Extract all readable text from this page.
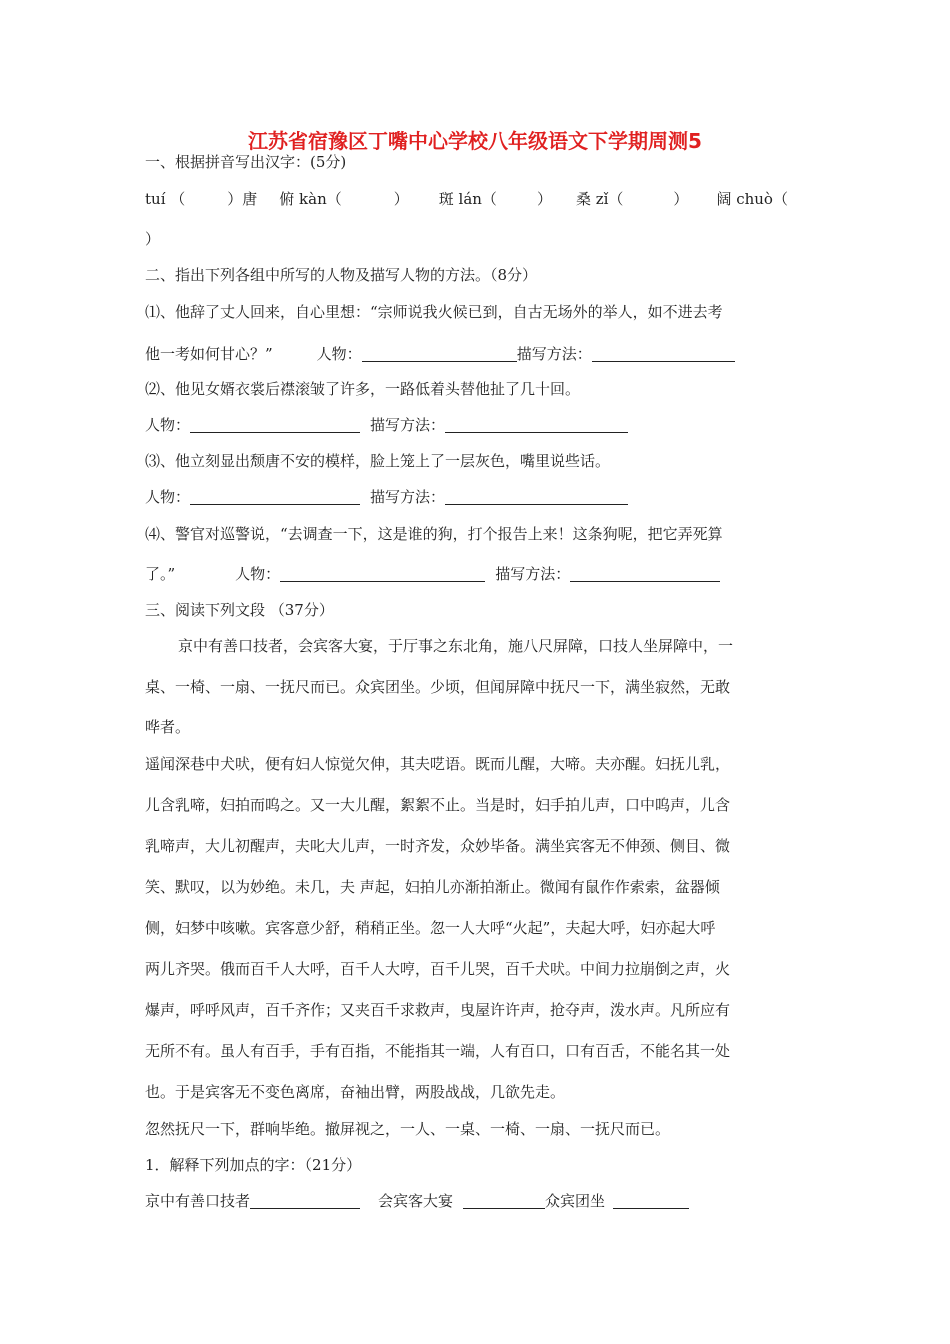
江苏省宿豫区丁嘴中心学校八年级语文下学期周测5
一、根据拼音写出汉字：(5分)
tuí （	）唐 俯 kàn（	） 斑 lán（	） 桑 zǐ（	） 阔 chuò（
）
二、指出下列各组中所写的人物及描写人物的方法。（8分）
⑴、他辞了丈人回来，自心里想：“宗师说我火候已到，自古无场外的举人，如不进去考
他一考如何甘心？”	人物：	描写方法：
⑵、他见女婿衣裳后襟滚皱了许多，一路低着头替他扯了几十回。
人物：	描写方法：
⑶、他立刻显出颓唐不安的模样，脸上笼上了一层灰色，嘴里说些话。
人物：	描写方法：
⑷、警官对巡警说，“去调查一下，这是谁的狗，打个报告上来！这条狗呢，把它弄死算
了。”	人物：	描写方法：
三、阅读下列文段 （37分）
京中有善口技者，会宾客大宴，于厅事之东北角，施八尺屏障，口技人坐屏障中，一
桌、一椅、一扇、一抚尺而已。众宾团坐。少顷，但闻屏障中抚尺一下，满坐寂然，无敢
哗者。
遥闻深巷中犬吠，便有妇人惊觉欠伸，其夫呓语。既而儿醒，大啼。夫亦醒。妇抚儿乳，
儿含乳啼，妇拍而呜之。又一大儿醒，絮絮不止。当是时，妇手拍儿声，口中呜声，儿含
乳啼声，大儿初醒声，夫叱大儿声，一时齐发，众妙毕备。满坐宾客无不伸颈、侧目、微
笑、默叹，以为妙绝。未几，夫 声起，妇拍儿亦渐拍渐止。微闻有鼠作作索索，盆器倾
侧，妇梦中咳嗽。宾客意少舒，稍稍正坐。忽一人大呼“火起”，夫起大呼，妇亦起大呼
两儿齐哭。俄而百千人大呼，百千人大哼，百千儿哭，百千犬吠。中间力拉崩倒之声，火
爆声，呼呼风声，百千齐作；又夹百千求救声，曳屋许许声，抢夺声，泼水声。凡所应有
无所不有。虽人有百手，手有百指，不能指其一端，人有百口，口有百舌，不能名其一处
也。于是宾客无不变色离席，奋袖出臂，两股战战，几欲先走。
忽然抚尺一下，群响毕绝。撤屏视之，一人、一桌、一椅、一扇、一抚尺而已。
1．解释下列加点的字：（21分）
京中有善口技者	会宾客大宴	众宾团坐
